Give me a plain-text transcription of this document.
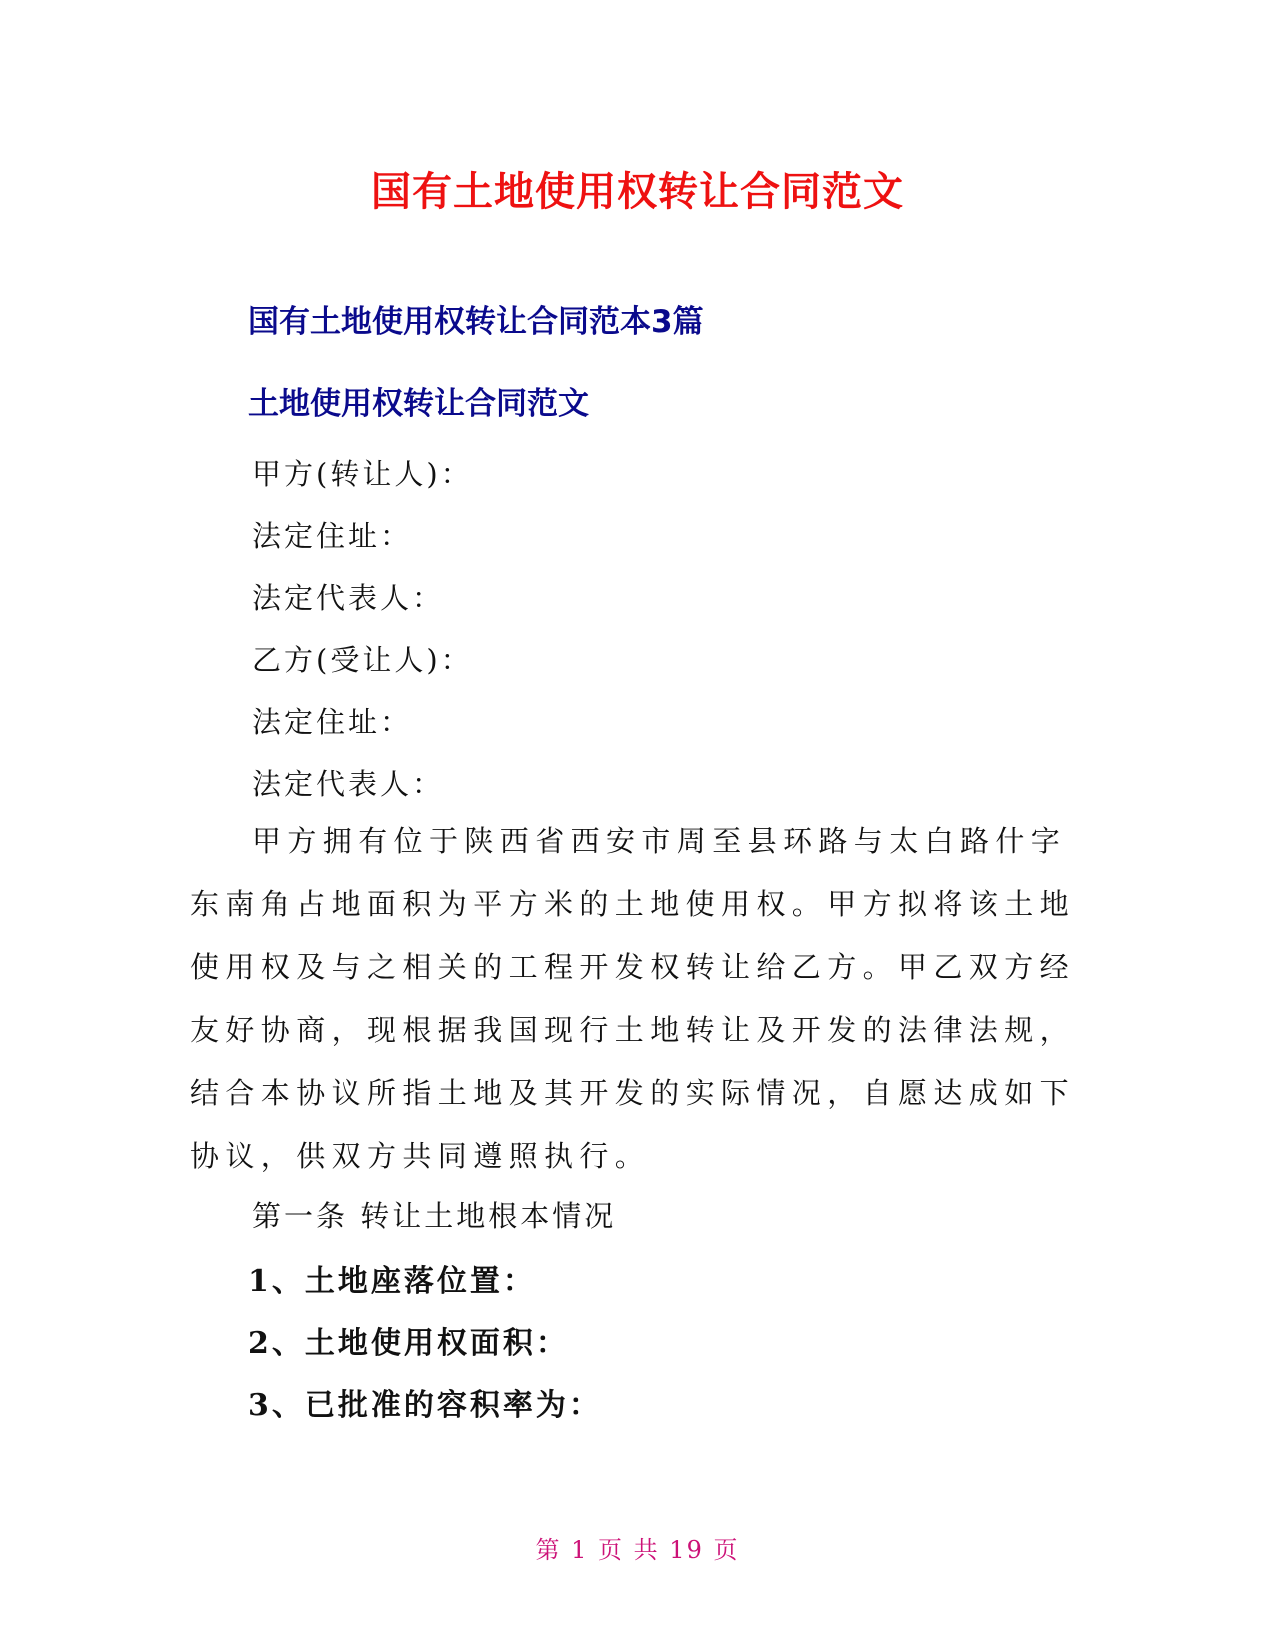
国有土地使用权转让合同范文
国有土地使用权转让合同范本3篇
土地使用权转让合同范文
甲方(转让人)：
法定住址：
法定代表人：
乙方(受让人)：
法定住址：
法定代表人：

甲方拥有位于陕西省西安市周至县环路与太白路什字东南角占地面积为平方米的土地使用权。甲方拟将该土地使用权及与之相关的工程开发权转让给乙方。甲乙双方经友好协商，现根据我国现行土地转让及开发的法律法规，结合本协议所指土地及其开发的实际情况，自愿达成如下协议，供双方共同遵照执行。

第一条 转让土地根本情况
1、土地座落位置：
2、土地使用权面积：
3、已批准的容积率为：
第 1 页 共 19 页
